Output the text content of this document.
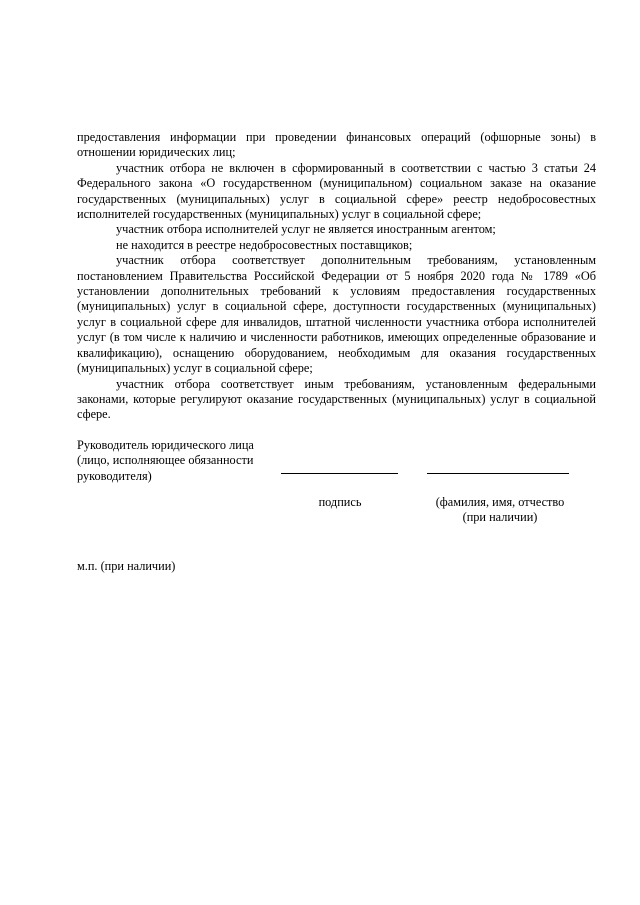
предоставления информации при проведении финансовых операций (офшорные зоны) в отношении юридических лиц;

участник отбора не включен в сформированный в соответствии с частью 3 статьи 24 Федерального закона «О государственном (муниципальном) социальном заказе на оказание государственных (муниципальных) услуг в социальной сфере» реестр недобросовестных исполнителей государственных (муниципальных) услуг в социальной сфере;

участник отбора исполнителей услуг не является иностранным агентом;

не находится в реестре недобросовестных поставщиков;

участник отбора соответствует дополнительным требованиям, установленным постановлением Правительства Российской Федерации от 5 ноября 2020 года № 1789 «Об установлении дополнительных требований к условиям предоставления государственных (муниципальных) услуг в социальной сфере, доступности государственных (муниципальных) услуг в социальной сфере для инвалидов, штатной численности участника отбора исполнителей услуг (в том числе к наличию и численности работников, имеющих определенные образование и квалификацию), оснащению оборудованием, необходимым для оказания государственных (муниципальных) услуг в социальной сфере;

участник отбора соответствует иным требованиям, установленным федеральными законами, которые регулируют оказание государственных (муниципальных) услуг в социальной сфере.

Руководитель юридического лица
(лицо, исполняющее обязанности
руководителя)
подпись	(фамилия, имя, отчество
(при наличии)
м.п. (при наличии)
